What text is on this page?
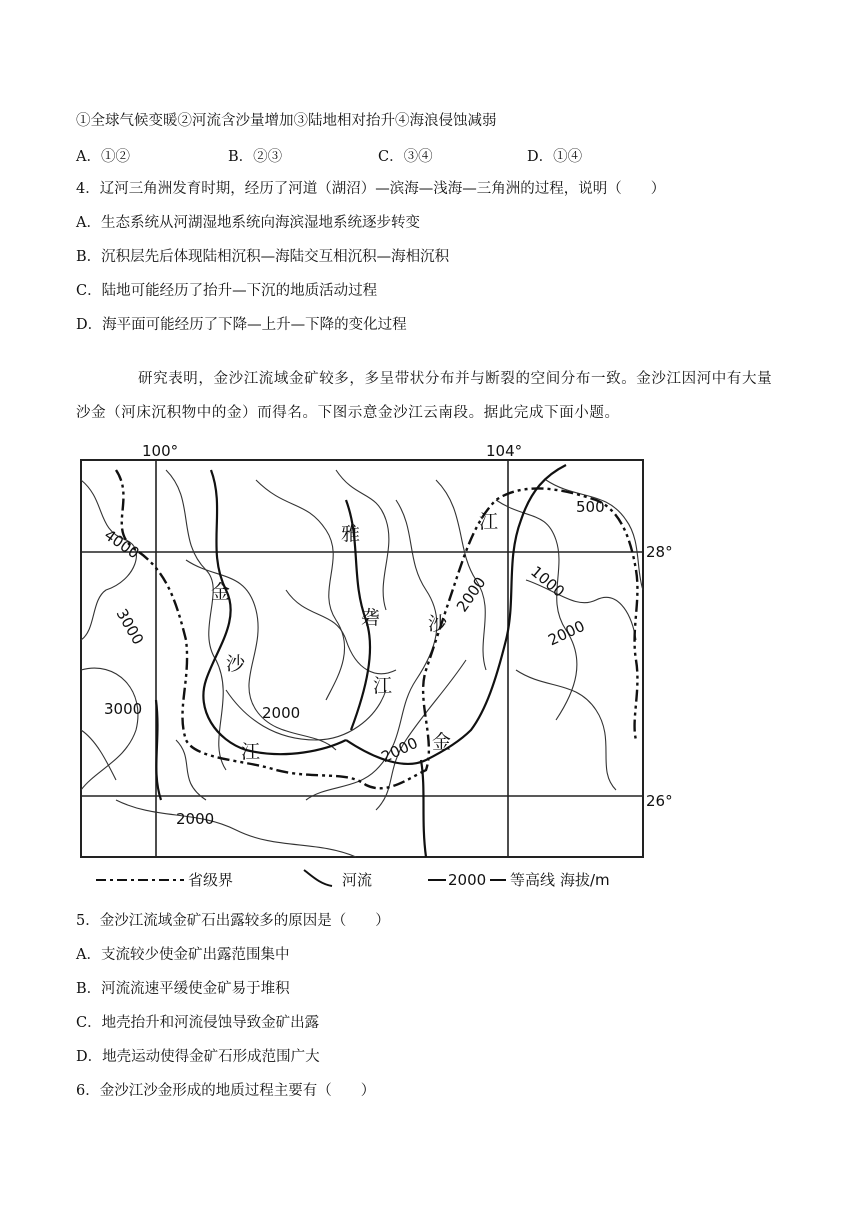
①全球气候变暖②河流含沙量增加③陆地相对抬升④海浪侵蚀减弱
A．①②	B．②③	C．③④	D．①④
4．辽河三角洲发育时期，经历了河道（湖沼）—滨海—浅海—三角洲的过程，说明（　　）
A．生态系统从河湖湿地系统向海滨湿地系统逐步转变
B．沉积层先后体现陆相沉积—海陆交互相沉积—海相沉积
C．陆地可能经历了抬升—下沉的地质活动过程
D．海平面可能经历了下降—上升—下降的变化过程
研究表明，金沙江流域金矿较多，多呈带状分布并与断裂的空间分布一致。金沙江因河中有大量
沙金（河床沉积物中的金）而得名。下图示意金沙江云南段。据此完成下面小题。
100°	104°
28°
26°
4000
3000
3000	2000
2000
2000
2000
500
1000
2000
金
沙
江
雅
砻
江
金
沙
江
省级界	河流	2000 等高线 海拔/m
5．金沙江流域金矿石出露较多的原因是（　　）
A．支流较少使金矿出露范围集中
B．河流流速平缓使金矿易于堆积
C．地壳抬升和河流侵蚀导致金矿出露
D．地壳运动使得金矿石形成范围广大
6．金沙江沙金形成的地质过程主要有（　　）
